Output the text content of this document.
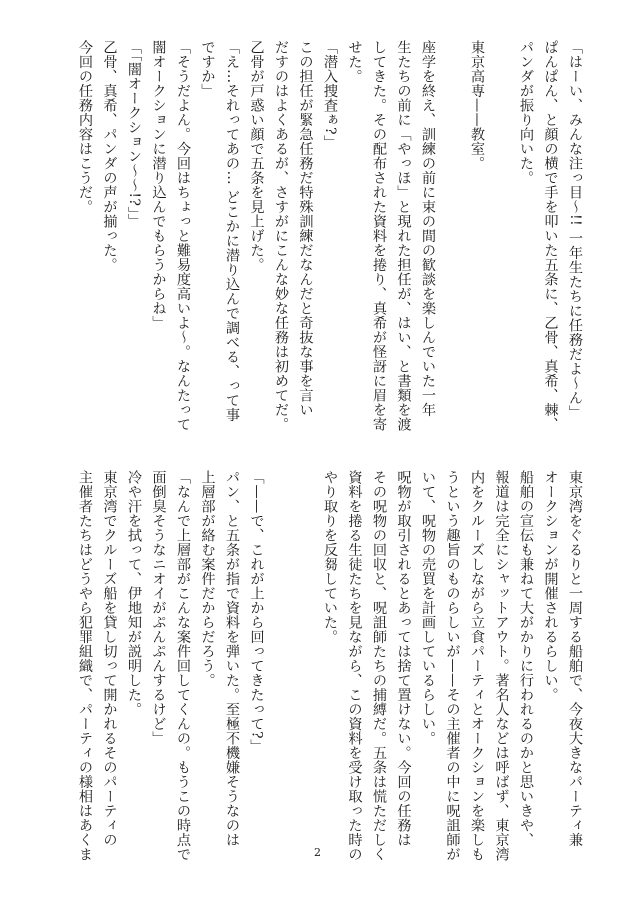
「はーい、みんな注っ目〜!! 一年生たちに任務だよ〜ん」
ぱんぱん、と顔の横で手を叩いた五条に、乙骨、真希、棘、
パンダが振り向いた。

東京高専——教室。

座学を終え、訓練の前に束の間の歓談を楽しんでいた一年
生たちの前に「やっほ」と現れた担任が、はい、と書類を渡
してきた。その配布された資料を捲り、真希が怪訝に眉を寄
せた。
「潜入捜査ぁ?」
この担任が緊急任務だ特殊訓練だなんだと奇抜な事を言い
だすのはよくあるが、さすがにこんな妙な任務は初めてだ。
乙骨が戸惑い顔で五条を見上げた。
「え…それってあの… どこかに潜り込んで調べる、って事
ですか」
「そうだよん。今回はちょっと難易度高いよ〜。なんたって
闇オークションに潜り込んでもらうからね」
「「闇オークション〜〜!?」」
乙骨、真希、パンダの声が揃った。
今回の任務内容はこうだ。
東京湾をぐるりと一周する船舶で、今夜大きなパーティ兼
オークションが開催されるらしい。
船舶の宣伝も兼ねて大がかりに行われるのかと思いきや、
報道は完全にシャットアウト。著名人などは呼ばず、東京湾
内をクルーズしながら立食パーティとオークションを楽しも
うという趣旨のものらしいが——その主催者の中に呪詛師が
いて、呪物の売買を計画しているらしい。
呪物が取引されるとあっては捨て置けない。今回の任務は
その呪物の回収と、呪詛師たちの捕縛だ。五条は慌ただしく
資料を捲る生徒たちを見ながら、この資料を受け取った時の
やり取りを反芻していた。

「——で、これが上から回ってきたって?」
パン、と五条が指で資料を弾いた。至極不機嫌そうなのは
上層部が絡む案件だからだろう。
「なんで上層部がこんな案件回してくんの。もうこの時点で
面倒臭そうなニオイがぷんぷんするけど」
冷や汗を拭って、伊地知が説明した。
東京湾でクルーズ船を貸し切って開かれるそのパーティの
主催者たちはどうやら犯罪組織で、パーティの様相はあくま	2
